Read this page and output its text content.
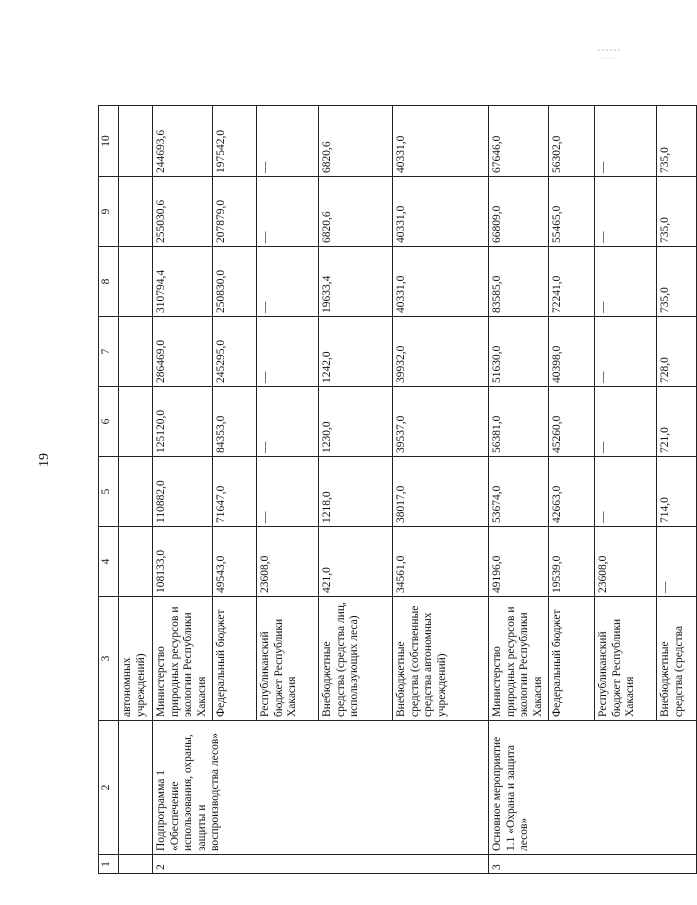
19
1	2	3	4	5	6	7	8	9	10
		автономных учреждений)							
2	Подпрограмма 1 «Обеспечение использования, охраны, защиты и воспроизводства лесов»	Министерство природных ресурсов и экологии Республики Хакасия	108133,0	110882,0	125120,0	286469,0	310794,4	255030,6	244693,6
		Федеральный бюджет	49543,0	71647,0	84353,0	245295,0	250830,0	207879,0	197542,0
		Республиканский бюджет Республики Хакасия	23608,0	—	—	—	—	—	—
		Внебюджетные средства (средства лиц, использующих леса)	421,0	1218,0	1230,0	1242,0	19633,4	6820,6	6820,6
		Внебюджетные средства (собственные средства автономных учреждений)	34561,0	38017,0	39537,0	39932,0	40331,0	40331,0	40331,0
3	Основное мероприятие 1.1 «Охрана и защита лесов»	Министерство природных ресурсов и экологии Республики Хакасия	49196,0	53674,0	56381,0	51630,0	83585,0	66809,0	67646,0
		Федеральный бюджет	19539,0	42663,0	45260,0	40398,0	72241,0	55465,0	56302,0
		Республиканский бюджет Республики Хакасия	23608,0	—	—	—	—	—	—
		Внебюджетные средства (средства	—	714,0	721,0	728,0	735,0	735,0	735,0
